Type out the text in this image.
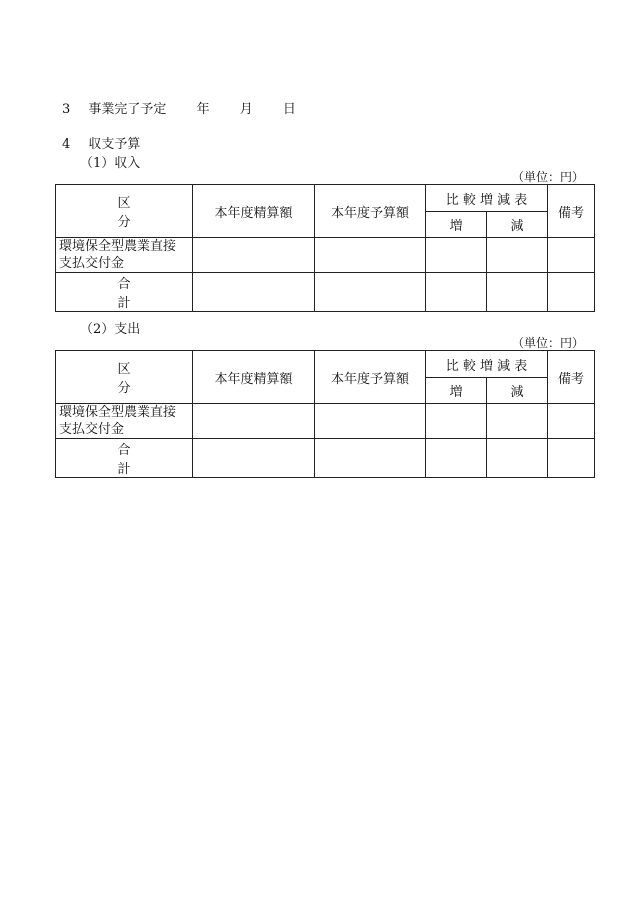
3 事業完了予定 年 月 日
4 収支予算
（1）収入
（単位：円）
区　分	本年度精算額	本年度予算額	比 較 増 減 表		備考
			増	減	
環境保全型農業直接支払交付金					
合　計					
（2）支出
（単位：円）
区　分	本年度精算額	本年度予算額	比 較 増 減 表		備考
			増	減	
環境保全型農業直接支払交付金					
合　計					
